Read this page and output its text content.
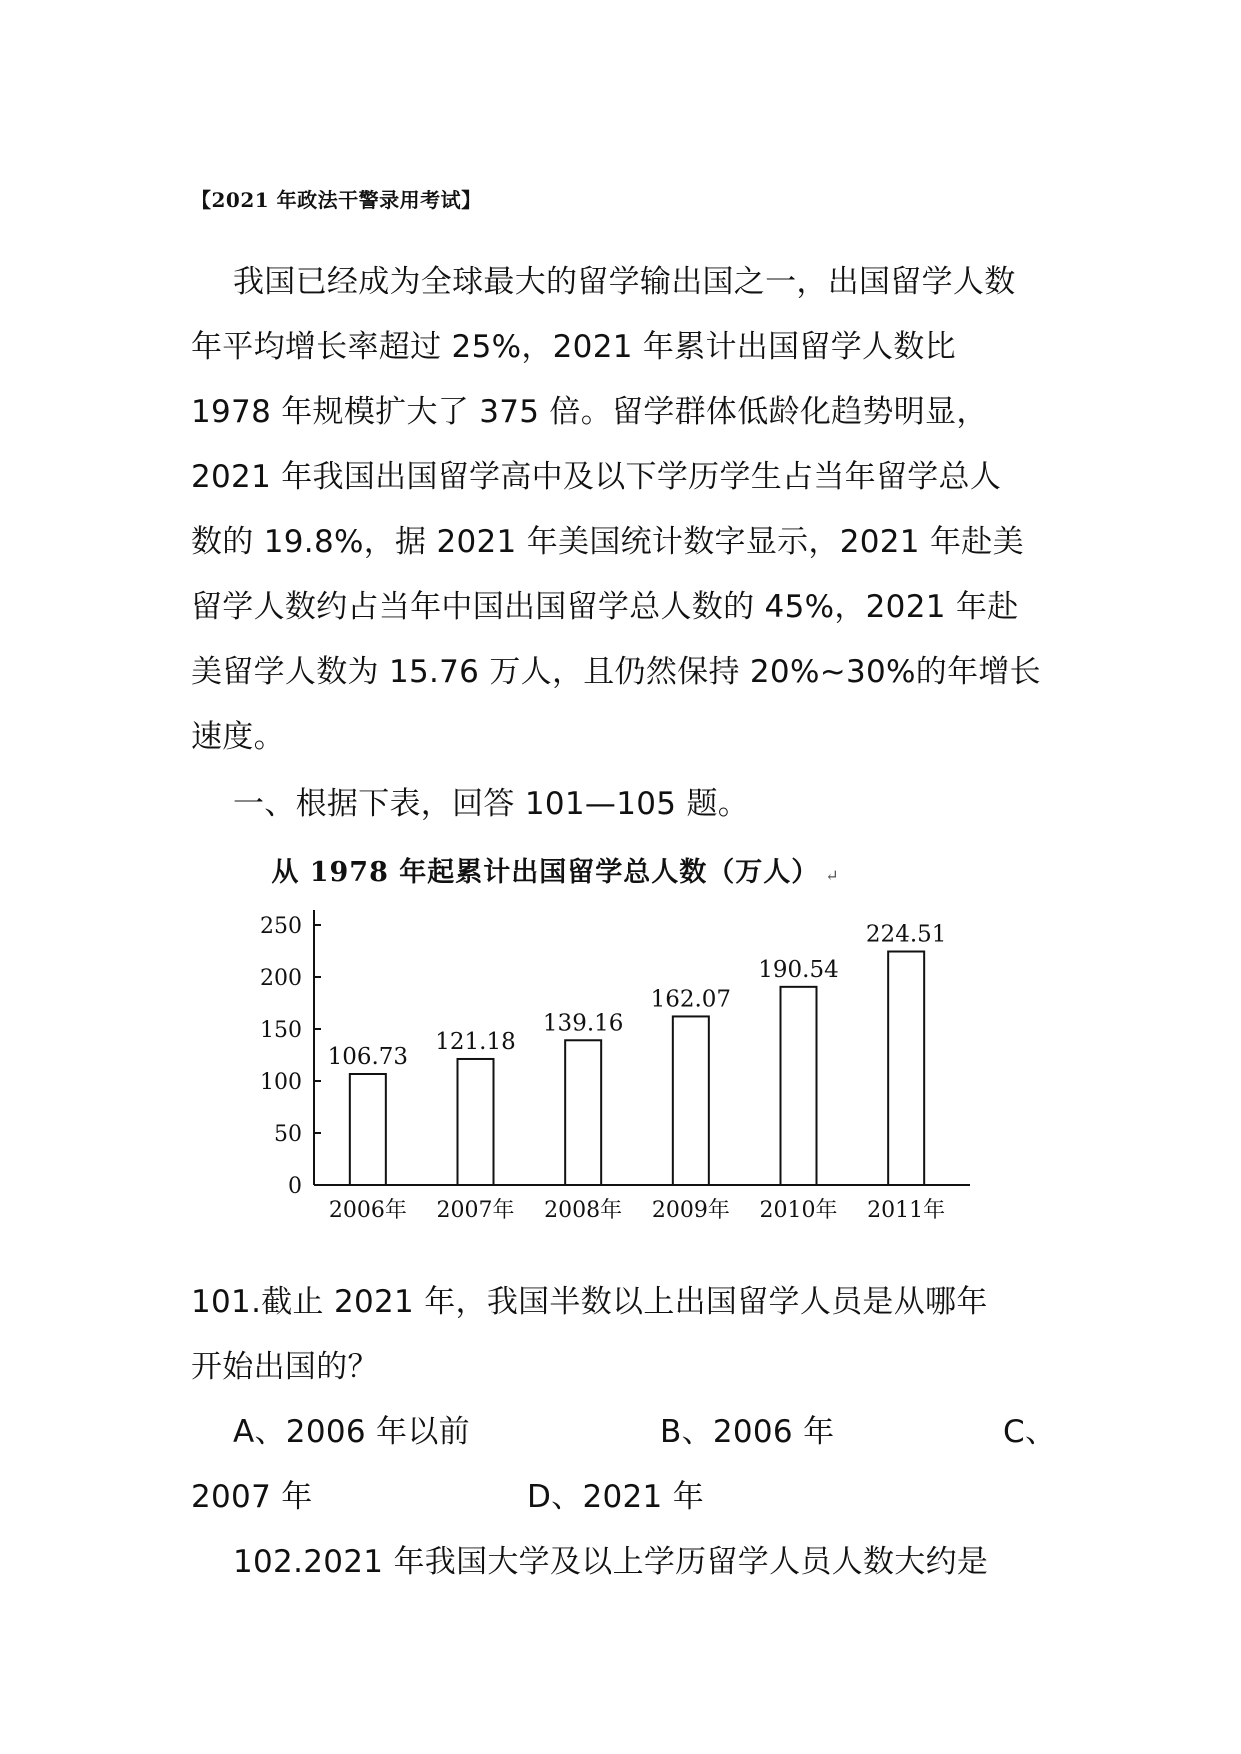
【2021 年政法干警录用考试】
我国已经成为全球最大的留学输出国之一，出国留学人数
年平均增长率超过 25%，2021 年累计出国留学人数比
1978 年规模扩大了 375 倍。留学群体低龄化趋势明显，
2021 年我国出国留学高中及以下学历学生占当年留学总人
数的 19.8%，据 2021 年美国统计数字显示，2021 年赴美
留学人数约占当年中国出国留学总人数的 45%，2021 年赴
美留学人数为 15.76 万人，且仍然保持 20%~30%的年增长
速度。
一、根据下表，回答 101—105 题。
从 1978 年起累计出国留学总人数（万人） ↵
0
50
100
150
200
250
106.73
2006年
121.18
2007年
139.16
2008年
162.07
2009年
190.54
2010年
224.51
2011年
101.截止 2021 年，我国半数以上出国留学人员是从哪年
开始出国的？
A、2006 年以前	B、2006 年	C、
2007 年	D、2021 年
102.2021 年我国大学及以上学历留学人员人数大约是
